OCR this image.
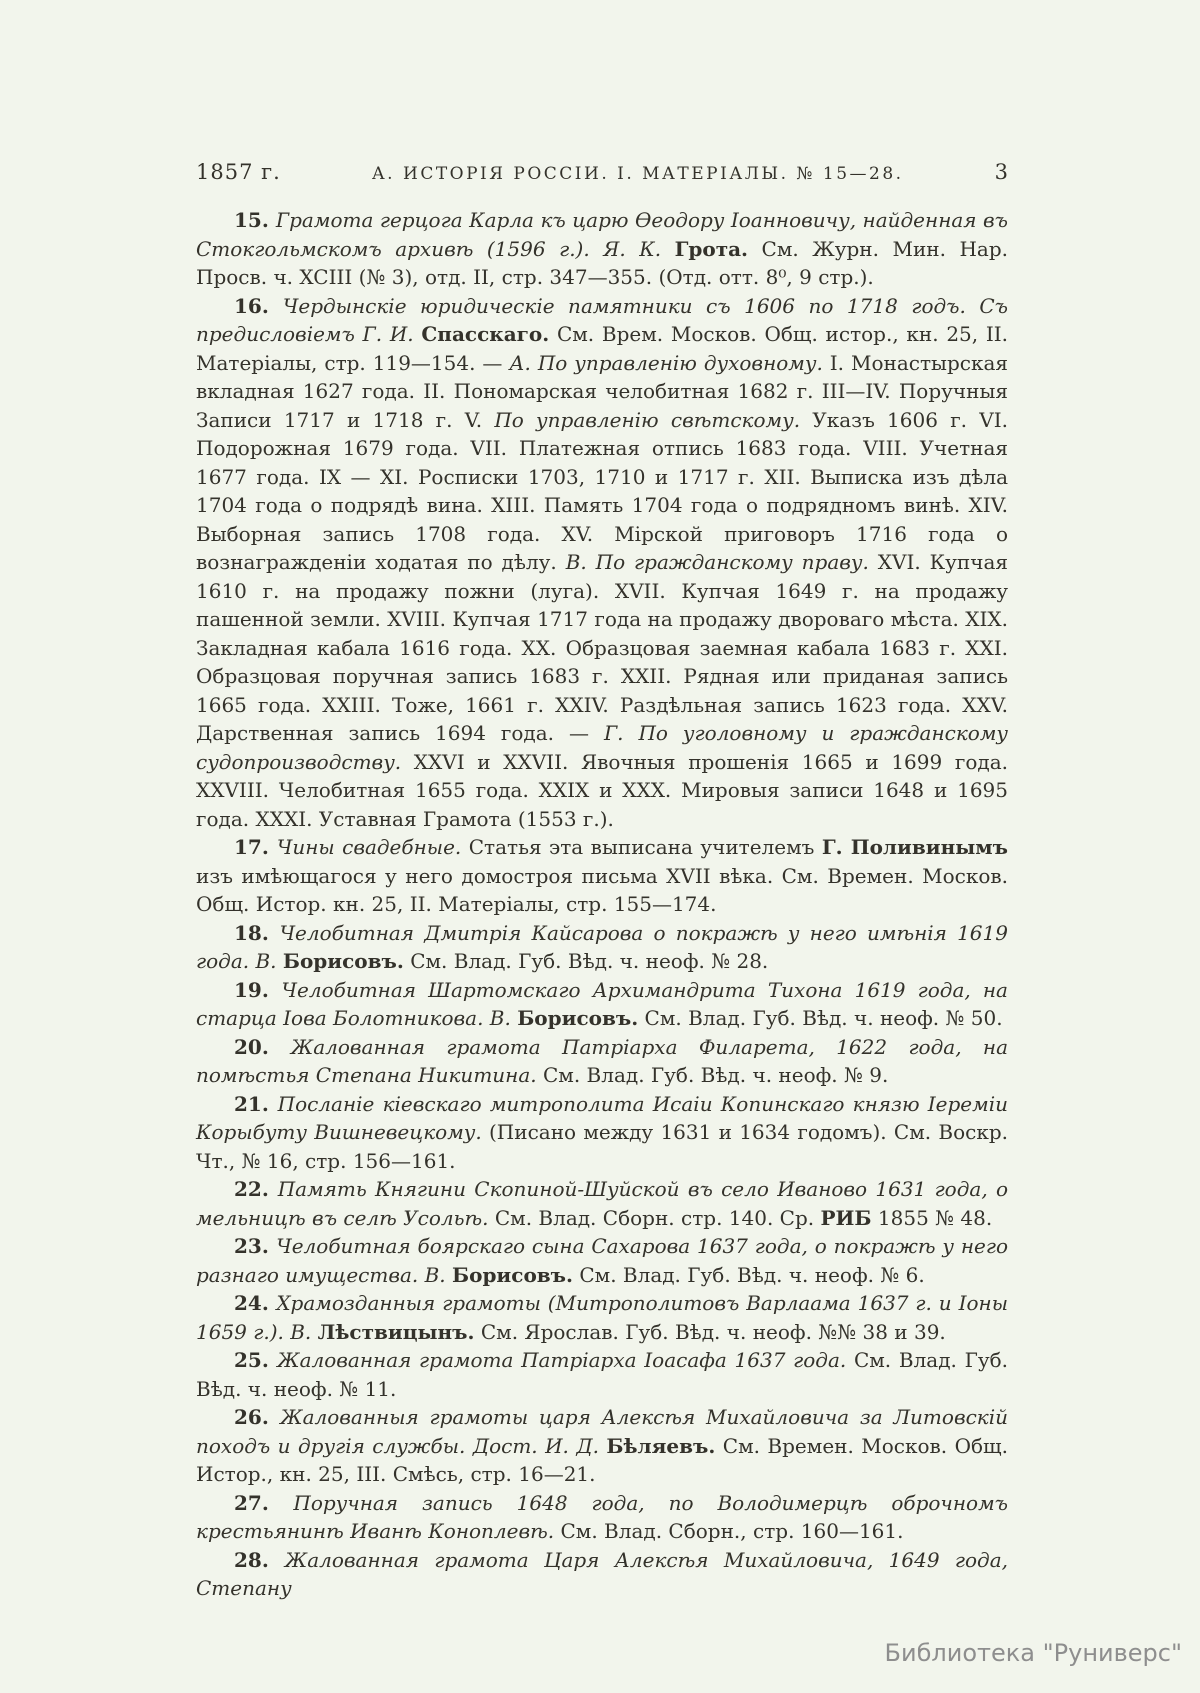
1857 г.	А. ИСТОРІЯ РОССІИ. I. МАТЕРІАЛЫ. № 15—28.	3

15. Грамота герцога Карла къ царю Ѳеодору Іоанновичу, найденная въ Стокгольмскомъ архивѣ (1596 г.). Я. К. Грота. См. Журн. Мин. Нар. Просв. ч. XCIII (№ 3), отд. II, стр. 347—355. (Отд. отт. 8⁰, 9 стр.).

16. Чердынскіе юридическіе памятники съ 1606 по 1718 годъ. Съ предисловіемъ Г. И. Спасскаго. См. Врем. Москов. Общ. истор., кн. 25, II. Матеріалы, стр. 119—154. — А. По управленію духовному. I. Монастырская вкладная 1627 года. II. Пономарская челобитная 1682 г. III—IV. Поручныя Записи 1717 и 1718 г. V. По управленію свѣтскому. Указъ 1606 г. VI. Подорожная 1679 года. VII. Платежная отпись 1683 года. VIII. Учетная 1677 года. IX — XI. Росписки 1703, 1710 и 1717 г. XII. Выписка изъ дѣла 1704 года о подрядѣ вина. XIII. Память 1704 года о подрядномъ винѣ. XIV. Выборная запись 1708 года. XV. Мірской приговоръ 1716 года о вознагражденіи ходатая по дѣлу. В. По гражданскому праву. XVI. Купчая 1610 г. на продажу пожни (луга). XVII. Купчая 1649 г. на продажу пашенной земли. XVIII. Купчая 1717 года на продажу двороваго мѣста. XIX. Закладная кабала 1616 года. XX. Образцовая заемная кабала 1683 г. XXI. Образцовая поручная запись 1683 г. XXII. Рядная или приданая запись 1665 года. XXIII. Тоже, 1661 г. XXIV. Раздѣльная запись 1623 года. XXV. Дарственная запись 1694 года. — Г. По уголовному и гражданскому судопроизводству. XXVI и XXVII. Явочныя прошенія 1665 и 1699 года. XXVIII. Челобитная 1655 года. XXIX и XXX. Мировыя записи 1648 и 1695 года. XXXI. Уставная Грамота (1553 г.).

17. Чины свадебные. Статья эта выписана учителемъ Г. Поливинымъ изъ имѣющагося у него домостроя письма XVII вѣка. См. Времен. Москов. Общ. Истор. кн. 25, II. Матеріалы, стр. 155—174.

18. Челобитная Дмитрія Кайсарова о покражѣ у него имѣнія 1619 года. В. Борисовъ. См. Влад. Губ. Вѣд. ч. неоф. № 28.

19. Челобитная Шартомскаго Архимандрита Тихона 1619 года, на старца Іова Болотникова. В. Борисовъ. См. Влад. Губ. Вѣд. ч. неоф. № 50.

20. Жалованная грамота Патріарха Филарета, 1622 года, на помѣстья Степана Никитина. См. Влад. Губ. Вѣд. ч. неоф. № 9.

21. Посланіе кіевскаго митрополита Исаіи Копинскаго князю Іереміи Корыбуту Вишневецкому. (Писано между 1631 и 1634 годомъ). См. Воскр. Чт., № 16, стр. 156—161.

22. Память Княгини Скопиной-Шуйской въ село Иваново 1631 года, о мельницѣ въ селѣ Усольѣ. См. Влад. Сборн. стр. 140. Ср. РИБ 1855 № 48.

23. Челобитная боярскаго сына Сахарова 1637 года, о покражѣ у него разнаго имущества. В. Борисовъ. См. Влад. Губ. Вѣд. ч. неоф. № 6.

24. Храмозданныя грамоты (Митрополитовъ Варлаама 1637 г. и Іоны 1659 г.). В. Лѣствицынъ. См. Ярослав. Губ. Вѣд. ч. неоф. №№ 38 и 39.

25. Жалованная грамота Патріарха Іоасафа 1637 года. См. Влад. Губ. Вѣд. ч. неоф. № 11.

26. Жалованныя грамоты царя Алексѣя Михайловича за Литовскій походъ и другія службы. Дост. И. Д. Бѣляевъ. См. Времен. Москов. Общ. Истор., кн. 25, III. Смѣсь, стр. 16—21.

27. Поручная запись 1648 года, по Володимерцѣ оброчномъ крестьянинѣ Иванѣ Коноплевѣ. См. Влад. Сборн., стр. 160—161.

28. Жалованная грамота Царя Алексѣя Михайловича, 1649 года, Степану

Библиотека "Руниверс"
